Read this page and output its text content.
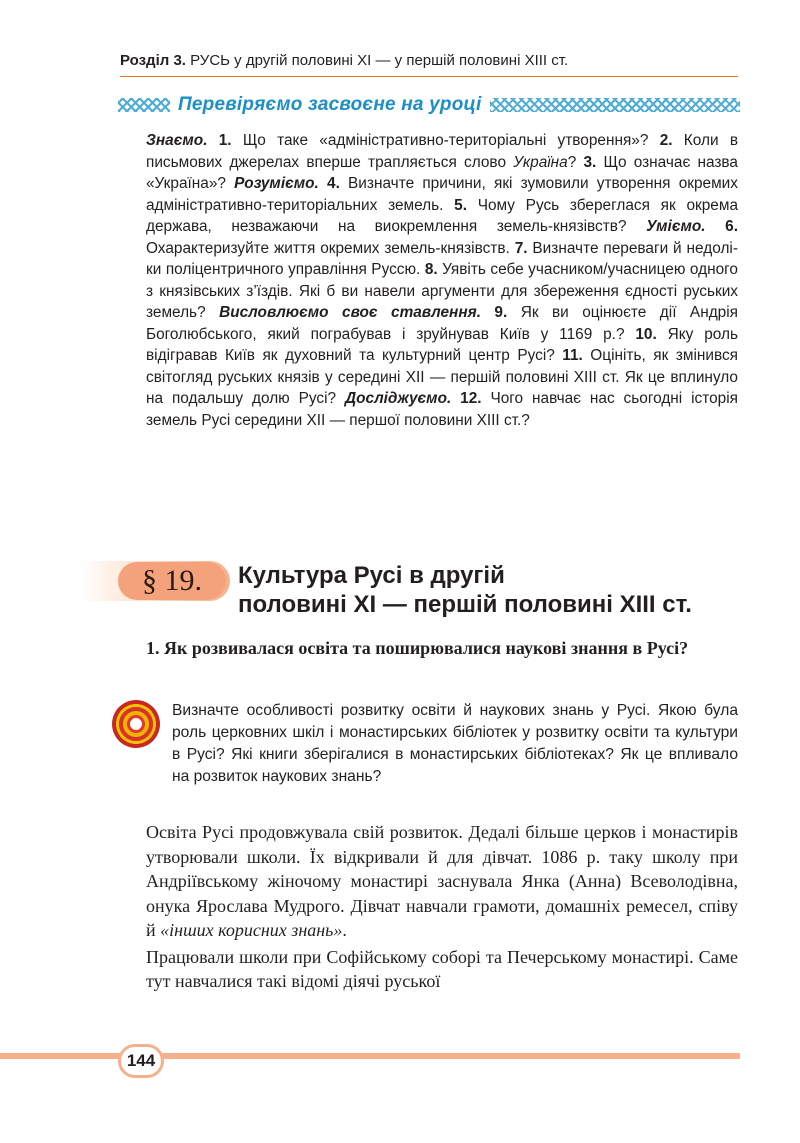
Розділ 3. РУСЬ у другій половині ХІ — у першій половині ХІІІ ст.
Перевіряємо засвоєне на уроці
Знаємо. 1. Що таке «адміністративно-територіальні утворення»? 2. Коли в письмових джерелах вперше трапляється слово Україна? 3. Що означає назва «Україна»? Розуміємо. 4. Визначте причини, які зумовили утворення окремих адміністративно-територіальних земель. 5. Чому Русь збереглася як окрема держава, незважаючи на виокремлення земель-князівств? Уміємо. 6. Охарактеризуйте життя окремих земель-князівств. 7. Визначте переваги й недоліки поліцентричного управління Руссю. 8. Уявіть себе учасником/учасницею одного з князівських з’їздів. Які б ви навели аргументи для збереження єдності руських земель? Висловлюємо своє ставлення. 9. Як ви оцінюєте дії Андрія Боголюбського, який пограбував і зруйнував Київ у 1169 р.? 10. Яку роль відігравав Київ як духовний та культурний центр Русі? 11. Оцініть, як змінився світогляд руських князів у середині XII — першій половині XIII ст. Як це вплинуло на подальшу долю Русі? Досліджуємо. 12. Чого навчає нас сьогодні історія земель Русі середини XII — першої половини XIII ст.?
§ 19.	Культура Русі в другій
половині ХІ — першій половині ХІІІ ст.
1. Як розвивалася освіта та поширювалися наукові знання в Русі?
Визначте особливості розвитку освіти й наукових знань у Русі. Якою була роль церковних шкіл і монастирських бібліотек у розвитку освіти та культури в Русі? Які книги зберігалися в монастирських бібліотеках? Як це впливало на розвиток наукових знань?

Освіта Русі продовжувала свій розвиток. Дедалі більше церков і монастирів утворювали школи. Їх відкривали й для дівчат. 1086 р. таку школу при Андріївському жіночому монастирі заснувала Янка (Анна) Всеволодівна, онука Ярослава Мудрого. Дівчат навчали грамоти, домашніх ремесел, співу й «інших корисних знань».

Працювали школи при Софійському соборі та Печерському монастирі. Саме тут навчалися такі відомі діячі руської

144
